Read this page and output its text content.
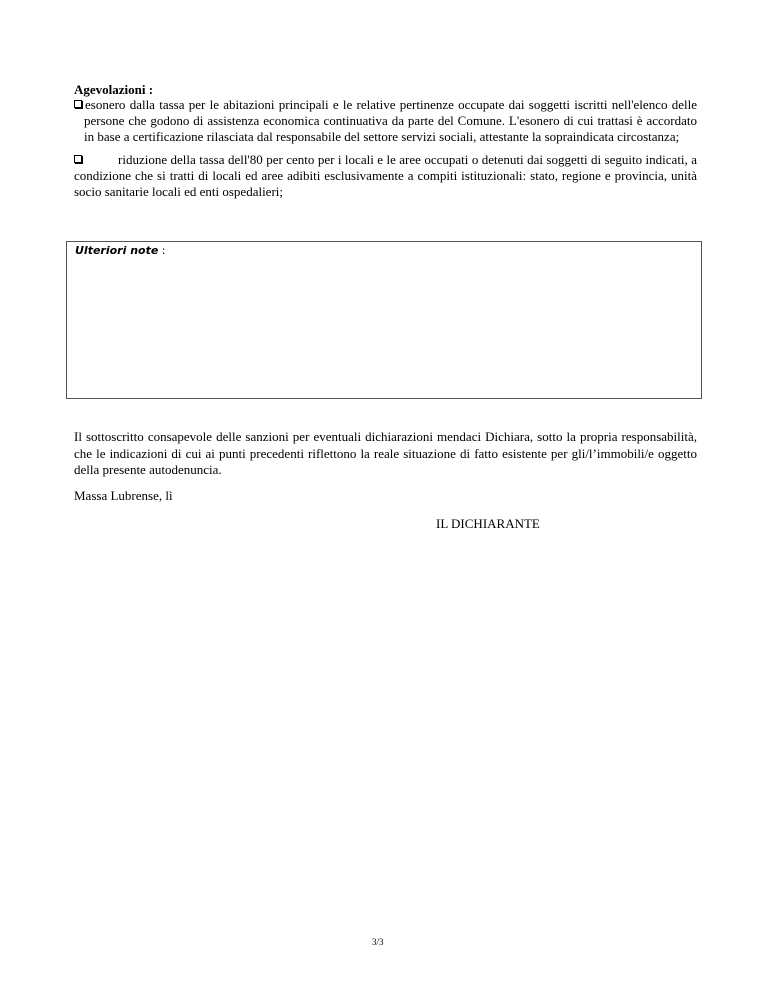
Agevolazioni :
esonero dalla tassa per le abitazioni principali e le relative pertinenze occupate dai soggetti iscritti nell'elenco delle persone che godono di assistenza economica continuativa da parte del Comune. L'esonero di cui trattasi è accordato in base a certificazione rilasciata dal responsabile del settore servizi sociali, attestante la sopraindicata circostanza;
riduzione della tassa dell'80 per cento per i locali e le aree occupati o detenuti dai soggetti di seguito indicati, a condizione che si tratti di locali ed aree adibiti esclusivamente a compiti istituzionali: stato, regione e provincia, unità socio sanitarie locali ed enti ospedalieri;
Ulteriori note :
Il sottoscritto consapevole delle sanzioni per eventuali dichiarazioni mendaci Dichiara, sotto la propria responsabilità, che le indicazioni di cui ai punti precedenti riflettono la reale situazione di fatto esistente per gli/l’immobili/e oggetto della presente autodenuncia.
Massa Lubrense, lì
IL DICHIARANTE
3/3
